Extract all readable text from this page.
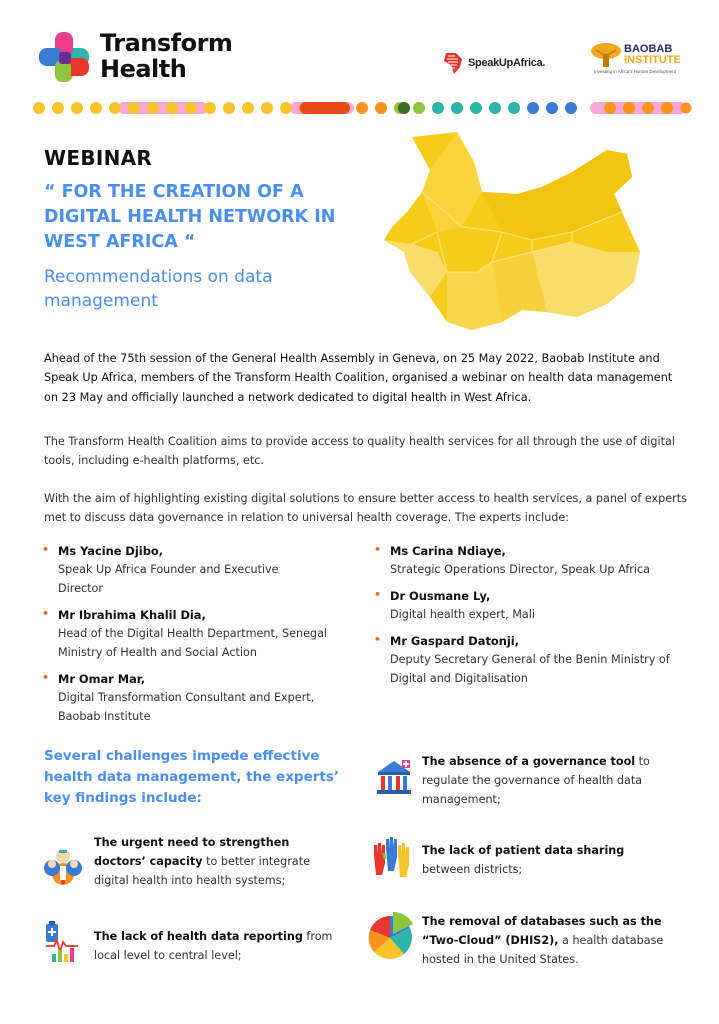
Transform
Health	SpeakUpAfrica.
BAOBAB
INSTITUTE
Investing in Africa's Human Development
WEBINAR
“ FOR THE CREATION OF A DIGITAL HEALTH NETWORK IN WEST AFRICA “
Recommendations on data management
Ahead of the 75th session of the General Health Assembly in Geneva, on 25 May 2022, Baobab Institute and Speak Up Africa, members of the Transform Health Coalition, organised a webinar on health data management on 23 May and officially launched a network dedicated to digital health in West Africa.
The Transform Health Coalition aims to provide access to quality health services for all through the use of digital tools, including e-health platforms, etc.
With the aim of highlighting existing digital solutions to ensure better access to health services, a panel of experts met to discuss data governance in relation to universal health coverage. The experts include:
• Ms Yacine Djibo,
Speak Up Africa Founder and Executive Director
• Mr Ibrahima Khalil Dia,
Head of the Digital Health Department, Senegal Ministry of Health and Social Action
• Mr Omar Mar,
Digital Transformation Consultant and Expert, Baobab Institute
• Ms Carina Ndiaye,
Strategic Operations Director, Speak Up Africa
• Dr Ousmane Ly,
Digital health expert, Mali
• Mr Gaspard Datonji,
Deputy Secretary General of the Benin Ministry of Digital and Digitalisation
Several challenges impede effective health data management, the experts’ key findings include:
The urgent need to strengthen doctors’ capacity to better integrate digital health into health systems;
The lack of health data reporting from local level to central level;
The absence of a governance tool to regulate the governance of health data management;
The lack of patient data sharing
between districts;
The removal of databases such as the “Two-Cloud” (DHIS2), a health database hosted in the United States.
